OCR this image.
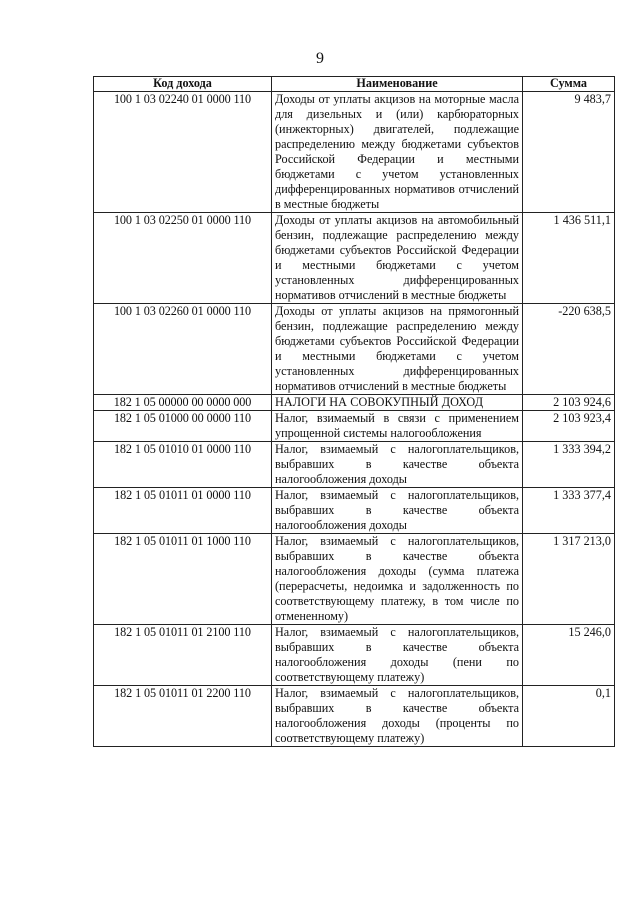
9
Код дохода	Наименование	Сумма
100 1 03 02240 01 0000 110	Доходы от уплаты акцизов на моторные масла для дизельных и (или) карбюраторных (инжекторных) двигателей, подлежащие распределению между бюджетами субъектов Российской Федерации и местными бюджетами с учетом установленных дифференцированных нормативов отчислений в местные бюджеты	9 483,7
100 1 03 02250 01 0000 110	Доходы от уплаты акцизов на автомобильный бензин, подлежащие распределению между бюджетами субъектов Российской Федерации и местными бюджетами с учетом установленных дифференцированных нормативов отчислений в местные бюджеты	1 436 511,1
100 1 03 02260 01 0000 110	Доходы от уплаты акцизов на прямогонный бензин, подлежащие распределению между бюджетами субъектов Российской Федерации и местными бюджетами с учетом установленных дифференцированных нормативов отчислений в местные бюджеты	-220 638,5
182 1 05 00000 00 0000 000	НАЛОГИ НА СОВОКУПНЫЙ ДОХОД	2 103 924,6
182 1 05 01000 00 0000 110	Налог, взимаемый в связи с применением упрощенной системы налогообложения	2 103 923,4
182 1 05 01010 01 0000 110	Налог, взимаемый с налогоплательщиков, выбравших в качестве объекта налогообложения доходы	1 333 394,2
182 1 05 01011 01 0000 110	Налог, взимаемый с налогоплательщиков, выбравших в качестве объекта налогообложения доходы	1 333 377,4
182 1 05 01011 01 1000 110	Налог, взимаемый с налогоплательщиков, выбравших в качестве объекта налогообложения доходы (сумма платежа (перерасчеты, недоимка и задолженность по соответствующему платежу, в том числе по отмененному)	1 317 213,0
182 1 05 01011 01 2100 110	Налог, взимаемый с налогоплательщиков, выбравших в качестве объекта налогообложения доходы (пени по соответствующему платежу)	15 246,0
182 1 05 01011 01 2200 110	Налог, взимаемый с налогоплательщиков, выбравших в качестве объекта налогообложения доходы (проценты по соответствующему платежу)	0,1
